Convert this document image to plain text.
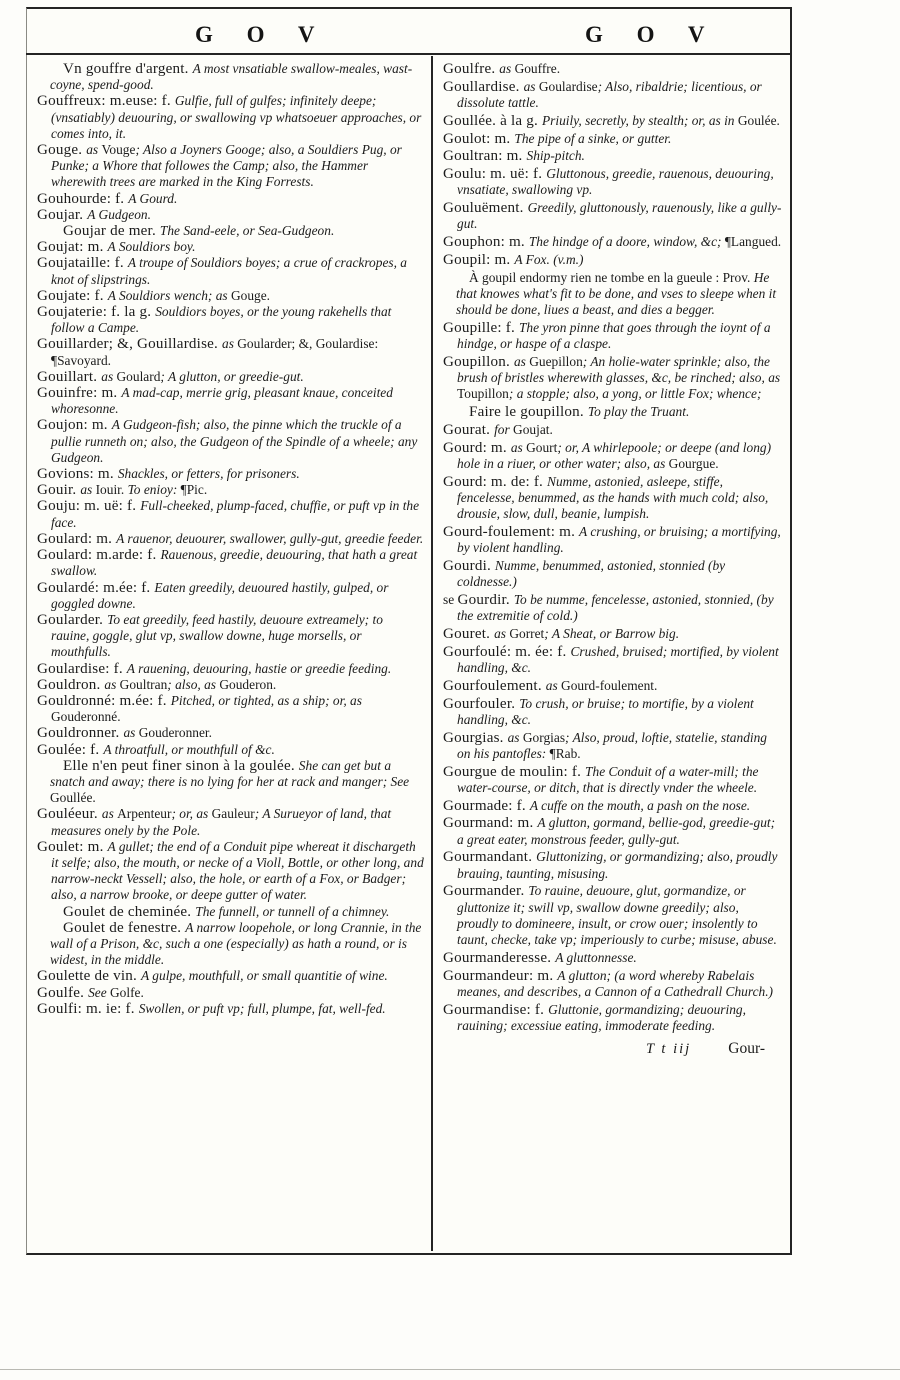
G O V	G O V

Vn gouffre d'argent. A most vnsatiable swallow-meales, wast-coyne, spend-good.

Gouffreux: m.euse: f. Gulfie, full of gulfes; infinitely deepe; (vnsatiably) deuouring, or swallowing vp whatsoeuer approaches, or comes into, it.

Gouge. as Vouge; Also a Joyners Googe; also, a Souldiers Pug, or Punke; a Whore that followes the Camp; also, the Hammer wherewith trees are marked in the King Forrests.

Gouhourde: f. A Gourd.

Goujar. A Gudgeon.

Goujar de mer. The Sand-eele, or Sea-Gudgeon.

Goujat: m. A Souldiors boy.

Goujataille: f. A troupe of Souldiors boyes; a crue of crackropes, a knot of slipstrings.

Goujate: f. A Souldiors wench; as Gouge.

Goujaterie: f. la g. Souldiors boyes, or the young rakehells that follow a Campe.

Gouillarder; &, Gouillardise. as Goularder; &, Goulardise: ¶Savoyard.

Gouillart. as Goulard; A glutton, or greedie-gut.

Gouinfre: m. A mad-cap, merrie grig, pleasant knaue, conceited whoresonne.

Goujon: m. A Gudgeon-fish; also, the pinne which the truckle of a pullie runneth on; also, the Gudgeon of the Spindle of a wheele; any Gudgeon.

Govions: m. Shackles, or fetters, for prisoners.

Gouir. as Iouir. To enioy: ¶Pic.

Gouju: m. uë: f. Full-cheeked, plump-faced, chuffie, or puft vp in the face.

Goulard: m. A rauenor, deuourer, swallower, gully-gut, greedie feeder.

Goulard: m.arde: f. Rauenous, greedie, deuouring, that hath a great swallow.

Goulardé: m.ée: f. Eaten greedily, deuoured hastily, gulped, or goggled downe.

Goularder. To eat greedily, feed hastily, deuoure extreamely; to rauine, goggle, glut vp, swallow downe, huge morsells, or mouthfulls.

Goulardise: f. A rauening, deuouring, hastie or greedie feeding.

Gouldron. as Goultran; also, as Gouderon.

Gouldronné: m.ée: f. Pitched, or tighted, as a ship; or, as Gouderonné.

Gouldronner. as Gouderonner.

Goulée: f. A throatfull, or mouthfull of &c.

Elle n'en peut finer sinon à la goulée. She can get but a snatch and away; there is no lying for her at rack and manger; See Goullée.

Gouléeur. as Arpenteur; or, as Gauleur; A Surueyor of land, that measures onely by the Pole.

Goulet: m. A gullet; the end of a Conduit pipe whereat it dischargeth it selfe; also, the mouth, or necke of a Violl, Bottle, or other long, and narrow-neckt Vessell; also, the hole, or earth of a Fox, or Badger; also, a narrow brooke, or deepe gutter of water.

Goulet de cheminée. The funnell, or tunnell of a chimney.

Goulet de fenestre. A narrow loopehole, or long Crannie, in the wall of a Prison, &c, such a one (especially) as hath a round, or is widest, in the middle.

Goulette de vin. A gulpe, mouthfull, or small quantitie of wine.

Goulfe. See Golfe.

Goulfi: m. ie: f. Swollen, or puft vp; full, plumpe, fat, well-fed.

Goulfre. as Gouffre.

Goullardise. as Goulardise; Also, ribaldrie; licentious, or dissolute tattle.

Goullée. à la g. Priuily, secretly, by stealth; or, as in Goulée.

Goulot: m. The pipe of a sinke, or gutter.

Goultran: m. Ship-pitch.

Goulu: m. uë: f. Gluttonous, greedie, rauenous, deuouring, vnsatiate, swallowing vp.

Gouluëment. Greedily, gluttonously, rauenously, like a gully-gut.

Gouphon: m. The hindge of a doore, window, &c; ¶Langued.

Goupil: m. A Fox. (v.m.)

À goupil endormy rien ne tombe en la gueule : Prov. He that knowes what's fit to be done, and vses to sleepe when it should be done, liues a beast, and dies a begger.

Goupille: f. The yron pinne that goes through the ioynt of a hindge, or haspe of a claspe.

Goupillon. as Guepillon; An holie-water sprinkle; also, the brush of bristles wherewith glasses, &c, be rinched; also, as Toupillon; a stopple; also, a yong, or little Fox; whence;

Faire le goupillon. To play the Truant.

Gourat. for Goujat.

Gourd: m. as Gourt; or, A whirlepoole; or deepe (and long) hole in a riuer, or other water; also, as Gourgue.

Gourd: m. de: f. Numme, astonied, asleepe, stiffe, fencelesse, benummed, as the hands with much cold; also, drousie, slow, dull, beanie, lumpish.

Gourd-foulement: m. A crushing, or bruising; a mortifying, by violent handling.

Gourdi. Numme, benummed, astonied, stonnied (by coldnesse.)

se Gourdir. To be numme, fencelesse, astonied, stonnied, (by the extremitie of cold.)

Gouret. as Gorret; A Sheat, or Barrow big.

Gourfoulé: m. ée: f. Crushed, bruised; mortified, by violent handling, &c.

Gourfoulement. as Gourd-foulement.

Gourfouler. To crush, or bruise; to mortifie, by a violent handling, &c.

Gourgias. as Gorgias; Also, proud, loftie, statelie, standing on his pantofles: ¶Rab.

Gourgue de moulin: f. The Conduit of a water-mill; the water-course, or ditch, that is directly vnder the wheele.

Gourmade: f. A cuffe on the mouth, a pash on the nose.

Gourmand: m. A glutton, gormand, bellie-god, greedie-gut; a great eater, monstrous feeder, gully-gut.

Gourmandant. Gluttonizing, or gormandizing; also, proudly brauing, taunting, misusing.

Gourmander. To rauine, deuoure, glut, gormandize, or gluttonize it; swill vp, swallow downe greedily; also, proudly to domineere, insult, or crow ouer; insolently to taunt, checke, take vp; imperiously to curbe; misuse, abuse.

Gourmanderesse. A gluttonnesse.

Gourmandeur: m. A glutton; (a word whereby Rabelais meanes, and describes, a Cannon of a Cathedrall Church.)

Gourmandise: f. Gluttonie, gormandizing; deuouring, rauining; excessiue eating, immoderate feeding.

T t iij Gour-
